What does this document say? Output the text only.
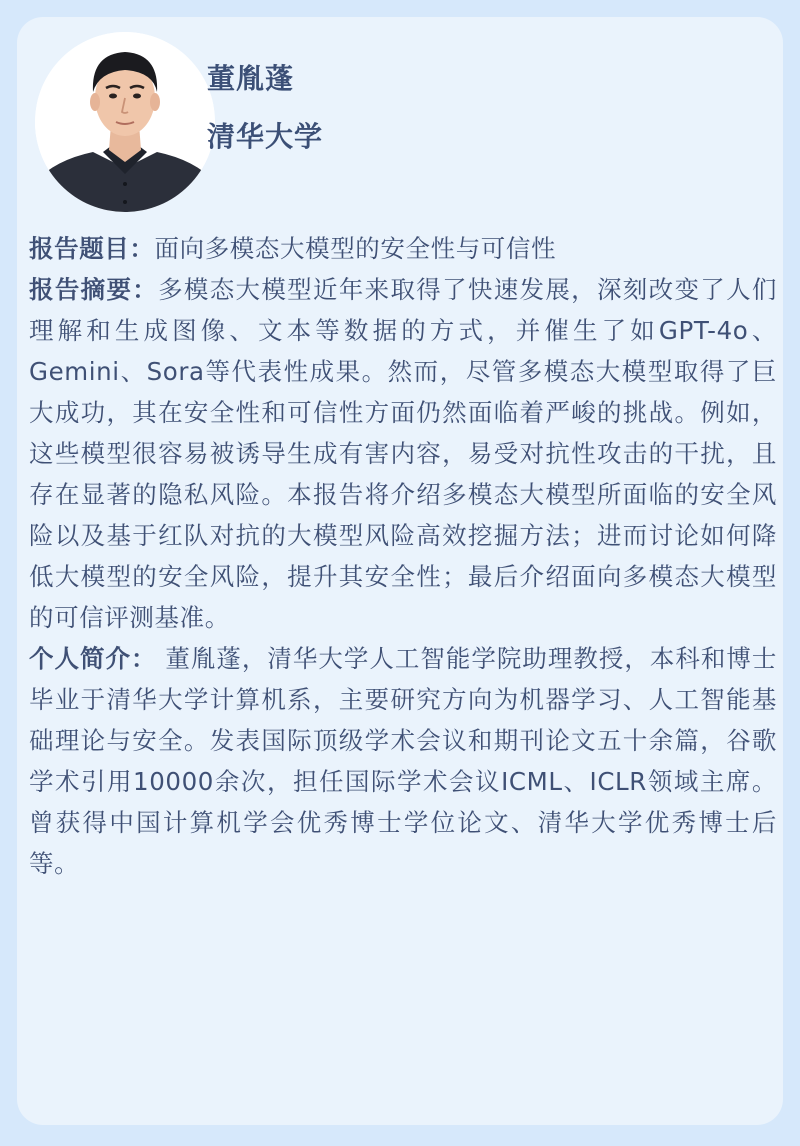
董胤蓬
清华大学

报告题目：面向多模态大模型的安全性与可信性

报告摘要：多模态大模型近年来取得了快速发展，深刻改变了人们理解和生成图像、文本等数据的方式，并催生了如GPT-4o、Gemini、Sora等代表性成果。然而，尽管多模态大模型取得了巨大成功，其在安全性和可信性方面仍然面临着严峻的挑战。例如，这些模型很容易被诱导生成有害内容，易受对抗性攻击的干扰，且存在显著的隐私风险。本报告将介绍多模态大模型所面临的安全风险以及基于红队对抗的大模型风险高效挖掘方法；进而讨论如何降低大模型的安全风险，提升其安全性；最后介绍面向多模态大模型的可信评测基准。

个人简介： 董胤蓬，清华大学人工智能学院助理教授，本科和博士毕业于清华大学计算机系，主要研究方向为机器学习、人工智能基础理论与安全。发表国际顶级学术会议和期刊论文五十余篇，谷歌学术引用10000余次，担任国际学术会议ICML、ICLR领域主席。曾获得中国计算机学会优秀博士学位论文、清华大学优秀博士后等。
